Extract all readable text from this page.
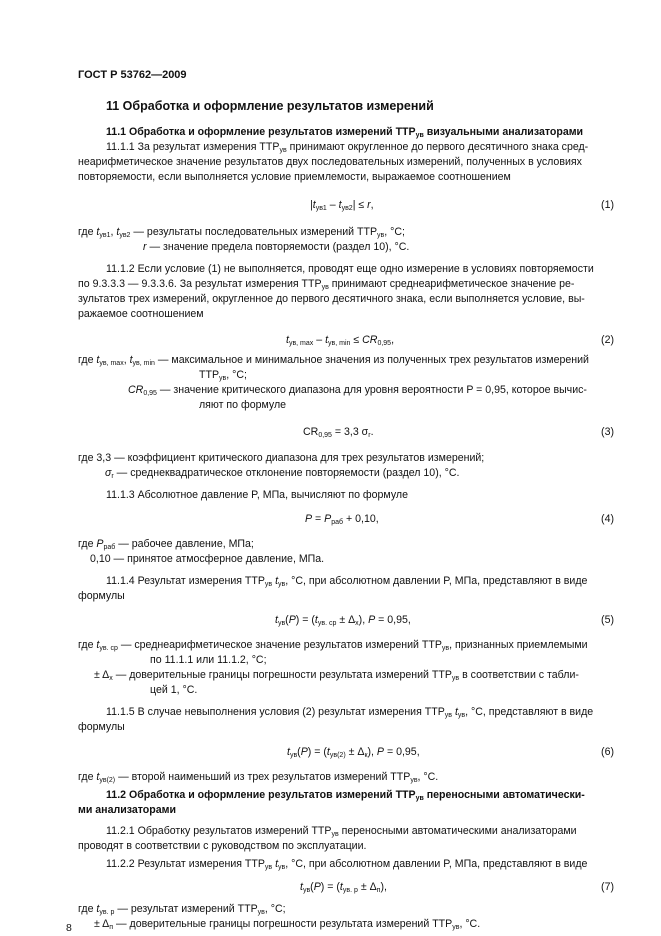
ГОСТ Р 53762—2009
11 Обработка и оформление результатов измерений
11.1 Обработка и оформление результатов измерений $ТТР_{ув}$ визуальными анализаторами
11.1.1 За результат измерения $ТТР_{ув}$ принимают округленное до первого десятичного знака сред-
неарифметическое значение результатов двух последовательных измерений, полученных в условиях
повторяемости, если выполняется условие приемлемости, выражаемое соотношением
$|t_{ув1} - t_{ув2}| \le r$,	(1)
где $t_{ув1}$, $t_{ув2}$ — результаты последовательных измерений $ТТР_{ув}$, °С;
r — значение предела повторяемости (раздел 10), °С.
11.1.2 Если условие (1) не выполняется, проводят еще одно измерение в условиях повторяемости
по 9.3.3.3 — 9.3.3.6. За результат измерения $ТТР_{ув}$ принимают среднеарифметическое значение ре-
зультатов трех измерений, округленное до первого десятичного знака, если выполняется условие, вы-
ражаемое соотношением
$t_{ув, max} - t_{ув, min} \le CR_{0,95}$,	(2)
где $t_{ув, max}$, $t_{ув, min}$ — максимальное и минимальное значения из полученных трех результатов измерений
$ТТР_{ув}$, °С;
$CR_{0,95}$ — значение критического диапазона для уровня вероятности P = 0,95, которое вычис-
ляют по формуле
$CR_{0,95} = 3,3$ $\sigma_r$.	(3)
где 3,3 — коэффициент критического диапазона для трех результатов измерений;
$\sigma_r$ — среднеквадратическое отклонение повторяемости (раздел 10), °С.
11.1.3 Абсолютное давление P, МПа, вычисляют по формуле
$P = P_{раб} + 0,10$,	(4)
где $P_{раб}$ — рабочее давление, МПа;
0,10 — принятое атмосферное давление, МПа.
11.1.4 Результат измерения $ТТР_{ув}$ $t_{ув}$, °С, при абсолютном давлении P, МПа, представляют в виде
формулы
$t_{ув}(P) = (t_{ув. ср} \pm \Delta_х)$, P = 0,95,	(5)
где $t_{ув. ср}$ — среднеарифметическое значение результатов измерений $ТТР_{ув}$, признанных приемлемыми
по 11.1.1 или 11.1.2, °С;
± $\Delta_х$ — доверительные границы погрешности результата измерений $ТТР_{ув}$ в соответствии с табли-
цей 1, °С.
11.1.5 В случае невыполнения условия (2) результат измерения $ТТР_{ув}$ $t_{ув}$, °С, представляют в виде
формулы
$t_{ув}(P) = (t_{ув(2)} \pm \Delta_к)$, P = 0,95,	(6)
где $t_{ув(2)}$ — второй наименьший из трех результатов измерений $ТТР_{ув}$, °С.
11.2 Обработка и оформление результатов измерений $ТТР_{ув}$ переносными автоматически-
ми анализаторами
11.2.1 Обработку результатов измерений $ТТР_{ув}$ переносными автоматическими анализаторами
проводят в соответствии с руководством по эксплуатации.
11.2.2 Результат измерения $ТТР_{ув}$ $t_{ув}$, °С, при абсолютном давлении P, МПа, представляют в виде
$t_{ув}(P) = (t_{ув. р} \pm \Delta_п)$,	(7)
где $t_{ув. р}$ — результат измерений $ТТР_{ув}$, °С;
± $\Delta_п$ — доверительные границы погрешности результата измерений $ТТР_{ув}$, °С.
8
